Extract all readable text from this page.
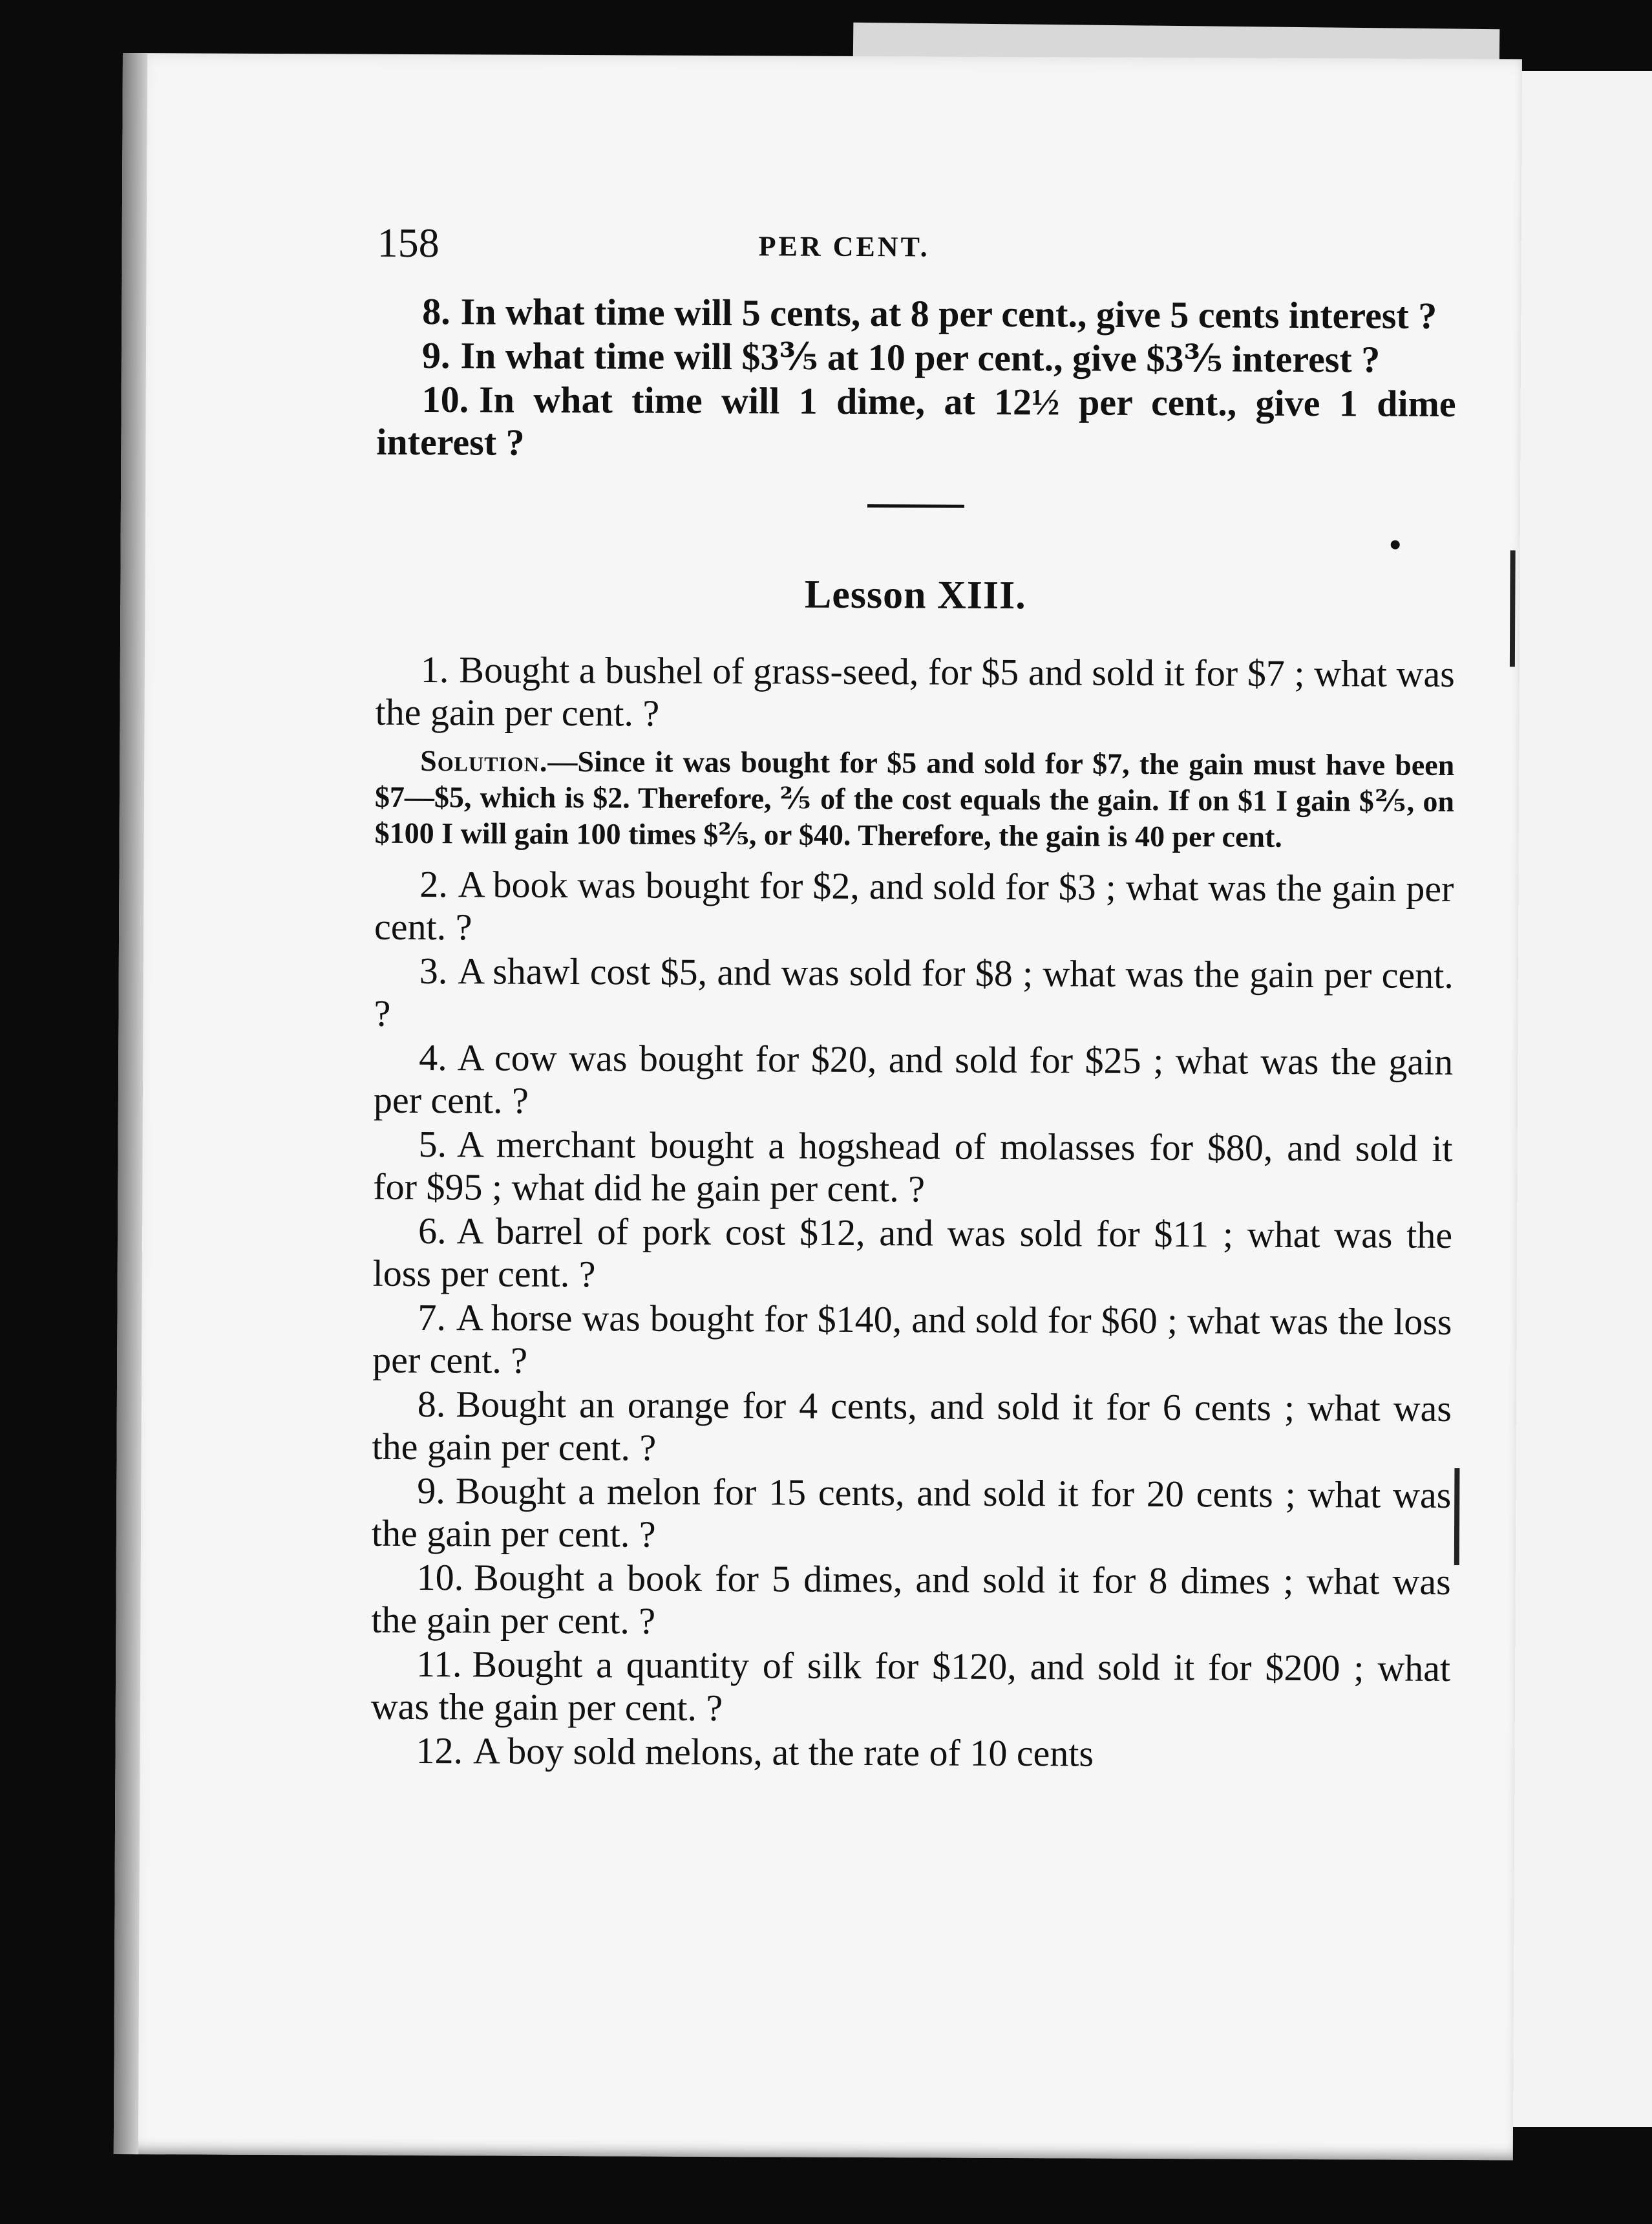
158	PER CENT.

8. In what time will 5 cents, at 8 per cent., give 5 cents interest ?

9. In what time will $3⅗ at 10 per cent., give $3⅗ interest ?

10. In what time will 1 dime, at 12½ per cent., give 1 dime interest ?

Lesson XIII.

1. Bought a bushel of grass-seed, for $5 and sold it for $7 ; what was the gain per cent. ?

Solution.—Since it was bought for $5 and sold for $7, the gain must have been $7—$5, which is $2. Therefore, ⅖ of the cost equals the gain. If on $1 I gain $⅖, on $100 I will gain 100 times $⅖, or $40. Therefore, the gain is 40 per cent.

2. A book was bought for $2, and sold for $3 ; what was the gain per cent. ?

3. A shawl cost $5, and was sold for $8 ; what was the gain per cent. ?

4. A cow was bought for $20, and sold for $25 ; what was the gain per cent. ?

5. A merchant bought a hogshead of molasses for $80, and sold it for $95 ; what did he gain per cent. ?

6. A barrel of pork cost $12, and was sold for $11 ; what was the loss per cent. ?

7. A horse was bought for $140, and sold for $60 ; what was the loss per cent. ?

8. Bought an orange for 4 cents, and sold it for 6 cents ; what was the gain per cent. ?

9. Bought a melon for 15 cents, and sold it for 20 cents ; what was the gain per cent. ?

10. Bought a book for 5 dimes, and sold it for 8 dimes ; what was the gain per cent. ?

11. Bought a quantity of silk for $120, and sold it for $200 ; what was the gain per cent. ?

12. A boy sold melons, at the rate of 10 cents
